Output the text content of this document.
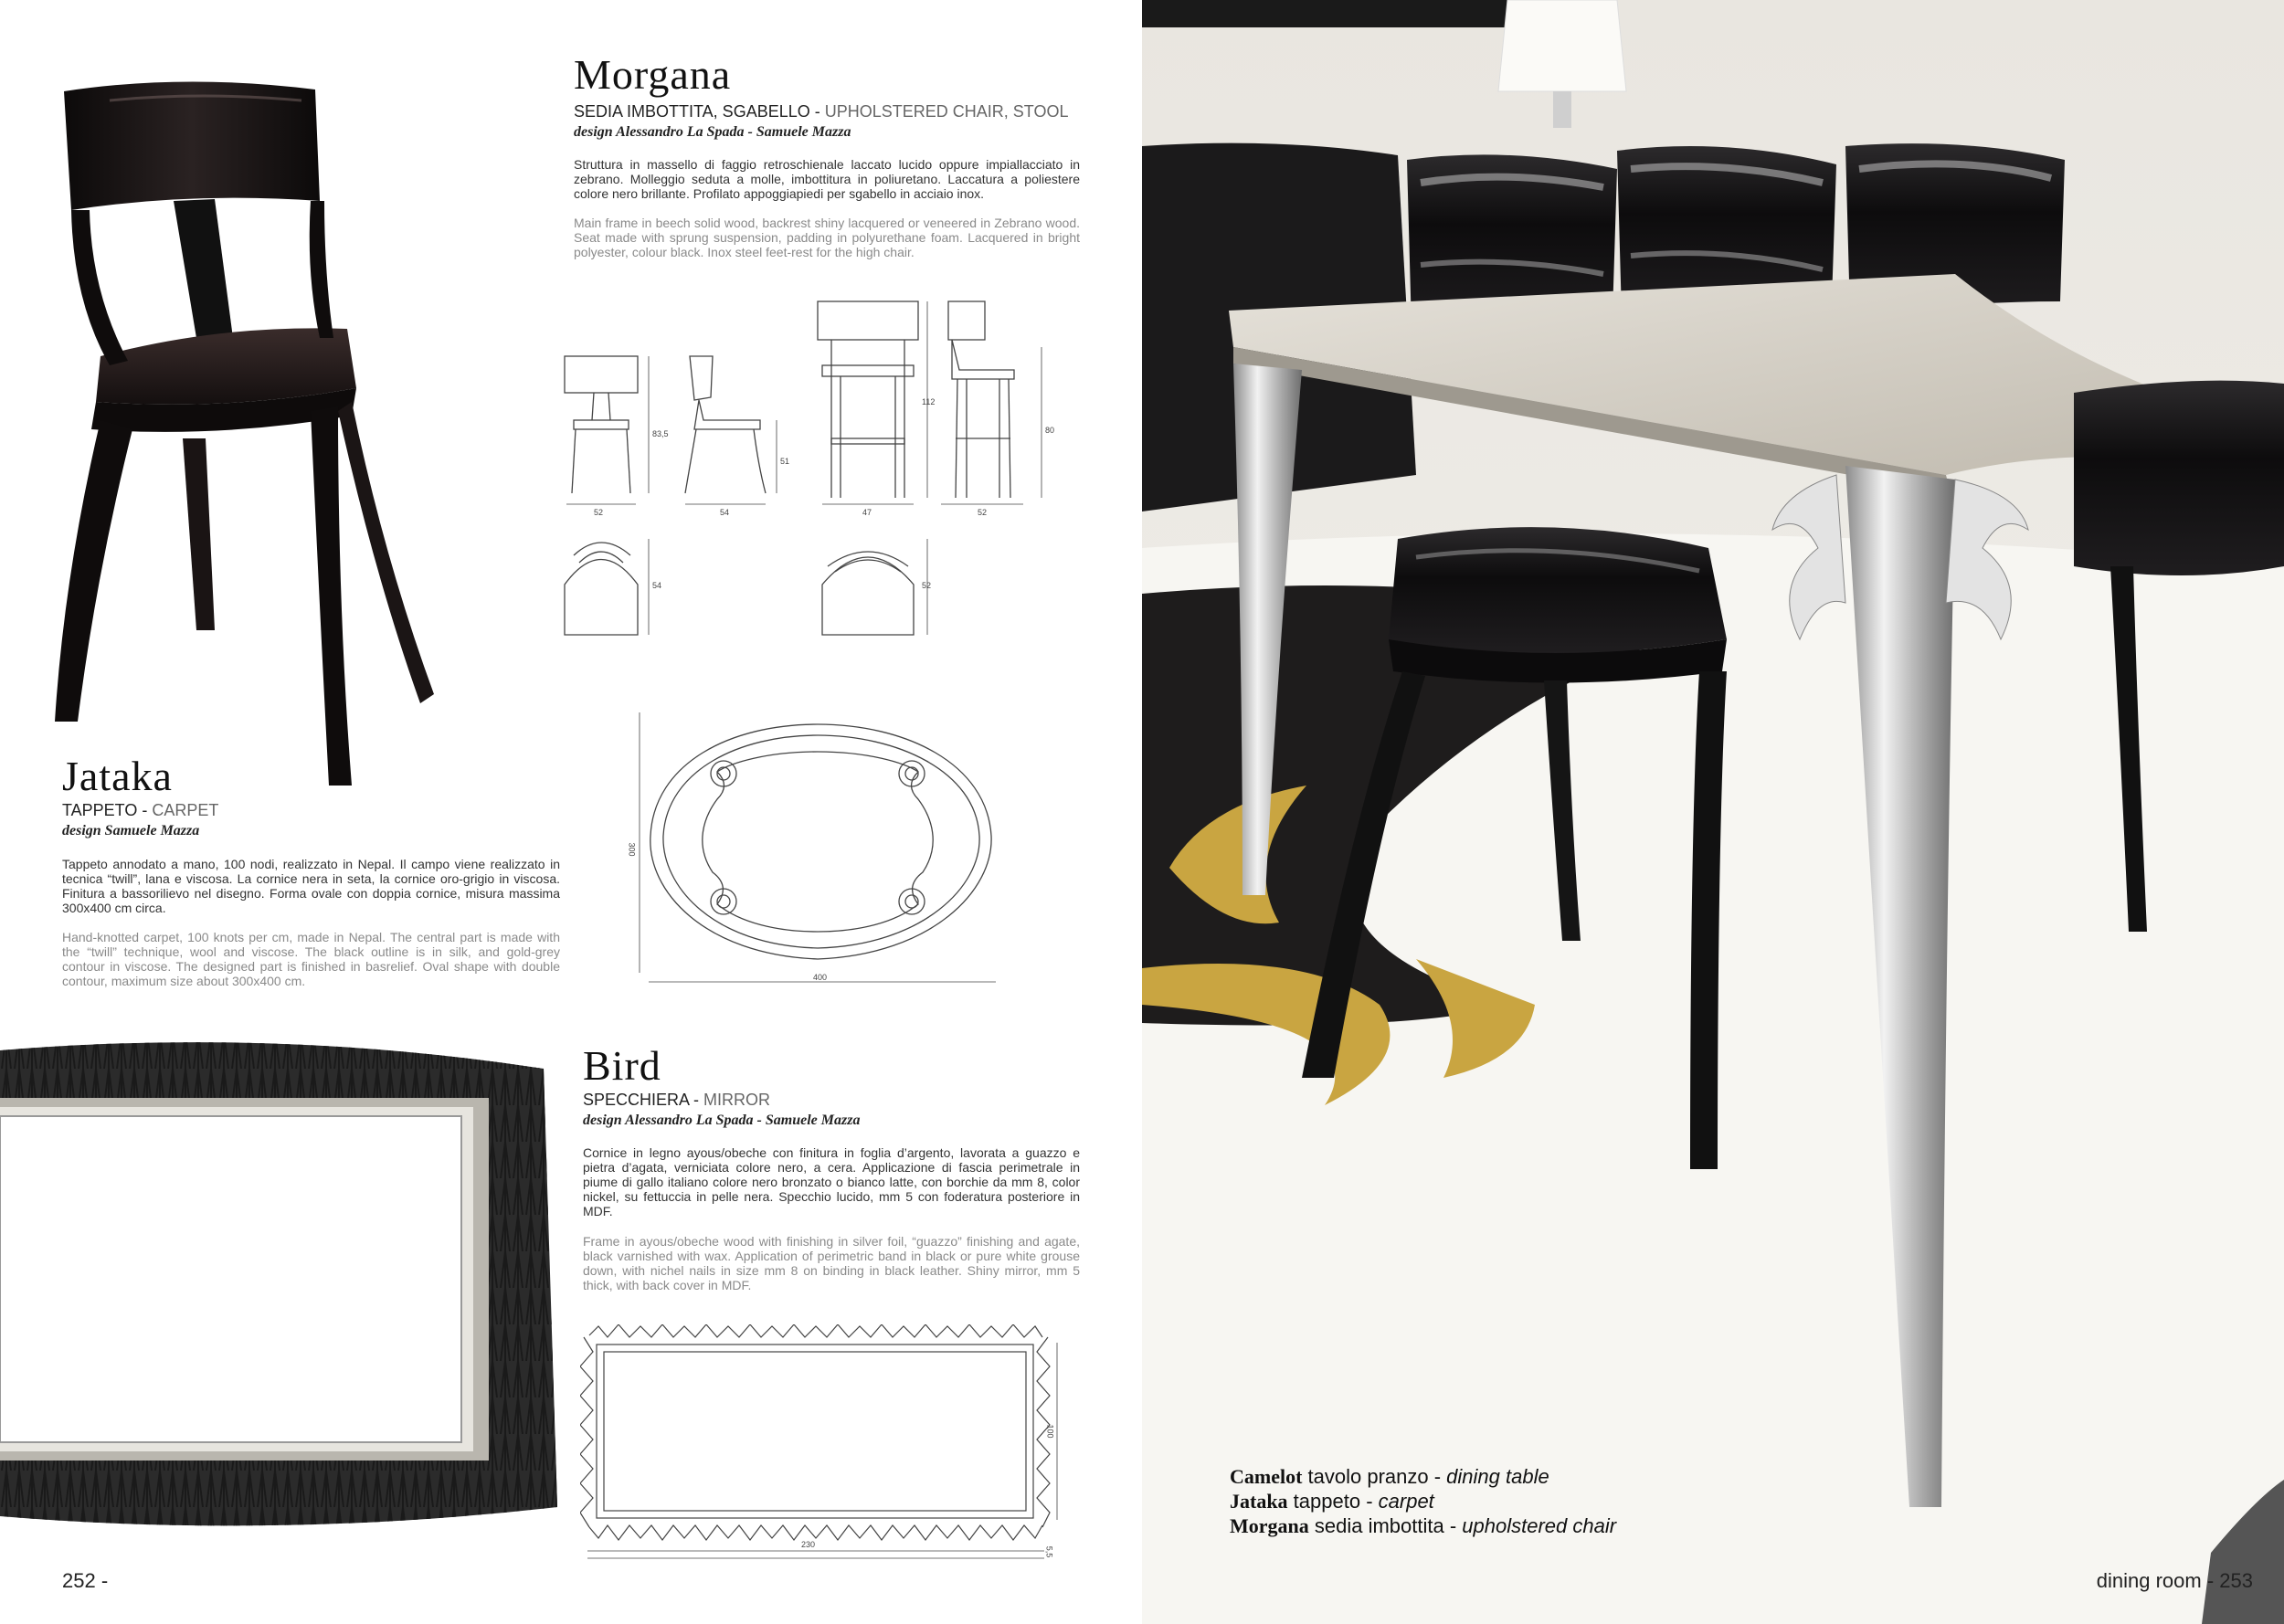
Morgana
SEDIA IMBOTTITA, SGABELLO - UPHOLSTERED CHAIR, STOOL
design Alessandro La Spada - Samuele Mazza
Struttura in massello di faggio retroschienale laccato lucido oppure impiallacciato in zebrano. Molleggio seduta a molle, imbottitura in poliuretano. Laccatura a poliestere colore nero brillante. Profilato appoggiapiedi per sgabello in acciaio inox.
Main frame in beech solid wood, backrest shiny lacquered or veneered in Zebrano wood. Seat made with sprung suspension, padding in polyurethane foam. Lacquered in bright polyester, colour black. Inox steel feet-rest for the high chair.
52
83,5
54
51
47
112
52
80
54	52
Jataka
TAPPETO - CARPET
design Samuele Mazza
Tappeto annodato a mano, 100 nodi, realizzato in Nepal. Il campo viene realizzato in tecnica “twill”, lana e viscosa. La cornice nera in seta, la cornice oro-grigio in viscosa. Finitura a bassorilievo nel disegno. Forma ovale con doppia cornice, misura massima 300x400 cm circa.
Hand-knotted carpet, 100 knots per cm, made in Nepal. The central part is made with the “twill” technique, wool and viscose. The black outline is in silk, and gold-grey contour in viscose. The designed part is finished in basrelief. Oval shape with double contour, maximum size about 300x400 cm.
300
400
Bird
SPECCHIERA - MIRROR
design Alessandro La Spada - Samuele Mazza
Cornice in legno ayous/obeche con finitura in foglia d’argento, lavorata a guazzo e pietra d’agata, verniciata colore nero, a cera. Applicazione di fascia perimetrale in piume di gallo italiano colore nero bronzato o bianco latte, con borchie da mm 8, color nickel, su fettuccia in pelle nera. Specchio lucido, mm 5 con foderatura posteriore in MDF.
Frame in ayous/obeche wood with finishing in silver foil, “guazzo” finishing and agate, black varnished with wax. Application of perimetric band in black or pure white grouse down, with nichel nails in size mm 8 on binding in black leather. Shiny mirror, mm 5 thick, with back cover in MDF.
230
100
5,5
252 -
Camelot tavolo pranzo - dining table
Jataka tappeto - carpet
Morgana sedia imbottita - upholstered chair
dining room - 253
